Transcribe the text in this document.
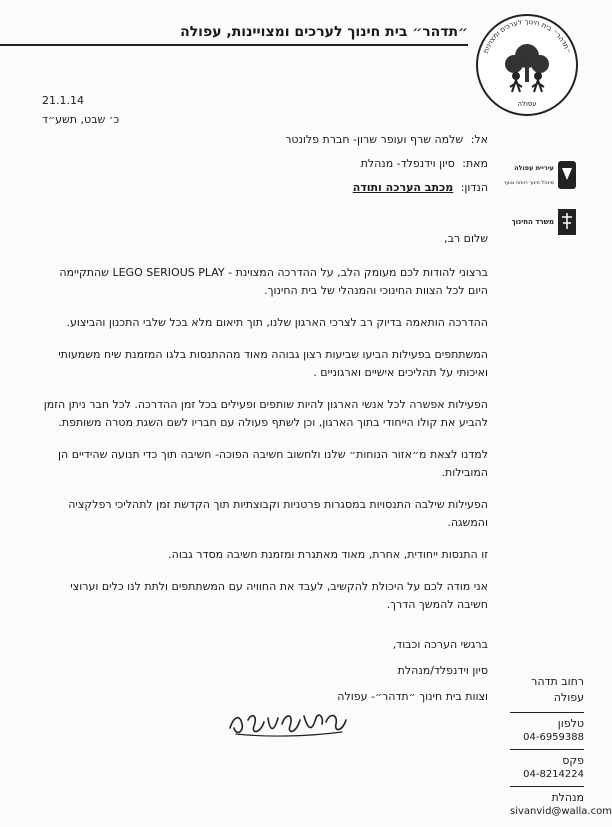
״תדהר״ בית חינוך לערכים ומצויינות, עפולה
״תדהר״ בית חינוך לערכים ומצוינות
עפולה
21.1.14
כ׳ שבט, תשע״ד
אל: שלמה שרף ועופר שרון- חברת פלונטר
מאת: סיון וידנפלד- מנהלת
הנדון: מכתב הערכה ותודה
עיריית עפולה
מינהל חינוך רווחה ונוער
משרד החינוך

שלום רב,

ברצוני להודות לכם מעומק הלב, על ההדרכה המצוינת - LEGO SERIOUS PLAY שהתקיימה היום לכל הצוות החינוכי והמנהלי של בית החינוך.

ההדרכה הותאמה בדיוק רב לצרכי הארגון שלנו, תוך תיאום מלא בכל שלבי התכנון והביצוע.

המשתתפים בפעילות הביעו שביעות רצון גבוהה מאוד מההתנסות בלגו המזמנת שיח משמעותי ואיכותי על תהליכים אישיים וארגוניים .

הפעילות אפשרה לכל אנשי הארגון להיות שותפים ופעילים בכל זמן ההדרכה. לכל חבר ניתן הזמן להביע את קולו הייחודי בתוך הארגון, וכן לשתף פעולה עם חבריו לשם השגת מטרה משותפת.

למדנו לצאת מ״אזור הנוחות״ שלנו ולחשוב חשיבה הפוכה- חשיבה תוך כדי תנועה שהידיים הן המובילות.

הפעילות שילבה התנסויות במסגרות פרטניות וקבוצתיות תוך הקדשת זמן לתהליכי רפלקציה והמשגה.

זו התנסות ייחודית, אחרת, מאוד מאתגרת ומזמנת חשיבה מסדר גבוה.

אני מודה לכם על היכולת להקשיב, לעבד את החוויה עם המשתתפים ולתת לנו כלים וערוצי חשיבה להמשך הדרך.

ברגשי הערכה וכבוד,
סיון וידנפלד/מנהלת
וצוות בית חינוך ״תדהר״- עפולה
רחוב תדהר
עפולה
טלפון
04-6959388
פקס
04-8214224
מנהלת
sivanvid@walla.com
